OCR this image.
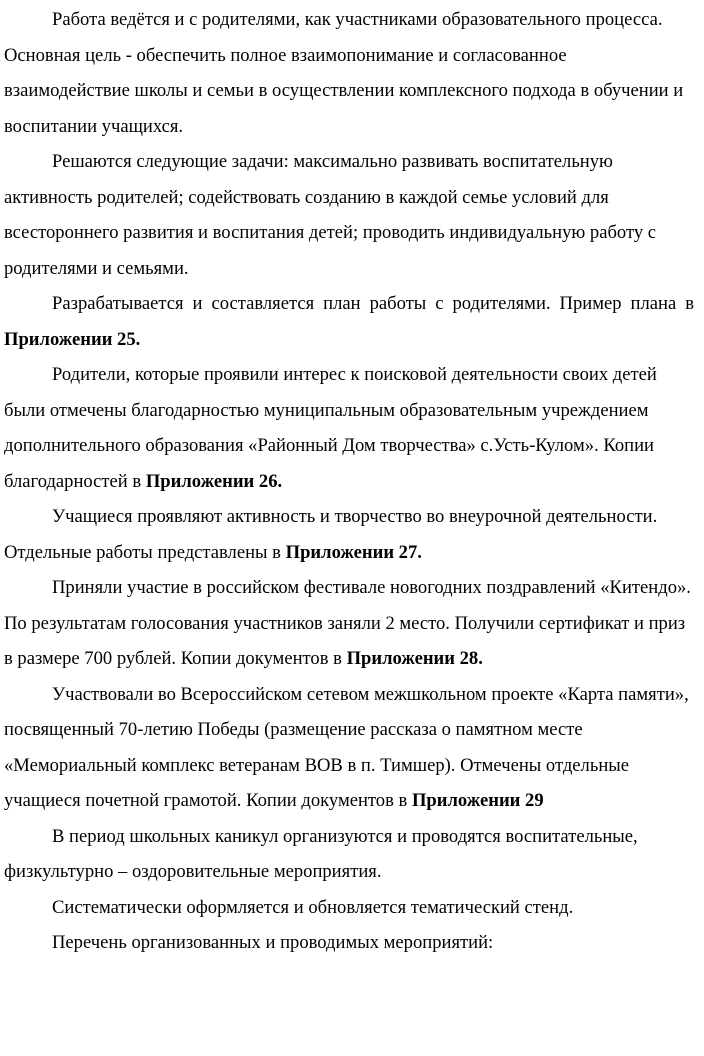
Работа ведётся и с родителями, как участниками образовательного процесса. Основная цель - обеспечить полное взаимопонимание и согласованное взаимодействие школы и семьи в осуществлении комплексного подхода в обучении и воспитании учащихся.

Решаются следующие задачи: максимально развивать воспитательную активность родителей; содействовать созданию в каждой семье условий для всестороннего развития и воспитания детей; проводить индивидуальную работу с родителями и семьями.

Разрабатывается и составляется план работы с родителями. Пример плана в Приложении 25.

Родители, которые проявили интерес к поисковой деятельности своих детей были отмечены благодарностью муниципальным образовательным учреждением дополнительного образования «Районный Дом творчества» с.Усть-Кулом». Копии благодарностей в Приложении 26.

Учащиеся проявляют активность и творчество во внеурочной деятельности. Отдельные работы представлены в Приложении 27.

Приняли участие в российском фестивале новогодних поздравлений «Китендо». По результатам голосования участников заняли 2 место. Получили сертификат и приз в размере 700 рублей. Копии документов в Приложении 28.

Участвовали во Всероссийском сетевом межшкольном проекте «Карта памяти», посвященный 70-летию Победы (размещение рассказа о памятном месте «Мемориальный комплекс ветеранам ВОВ в п. Тимшер). Отмечены отдельные учащиеся почетной грамотой. Копии документов в Приложении 29

В период школьных каникул организуются и проводятся воспитательные, физкультурно – оздоровительные мероприятия.

Систематически оформляется и обновляется тематический стенд.

Перечень организованных и проводимых мероприятий:
